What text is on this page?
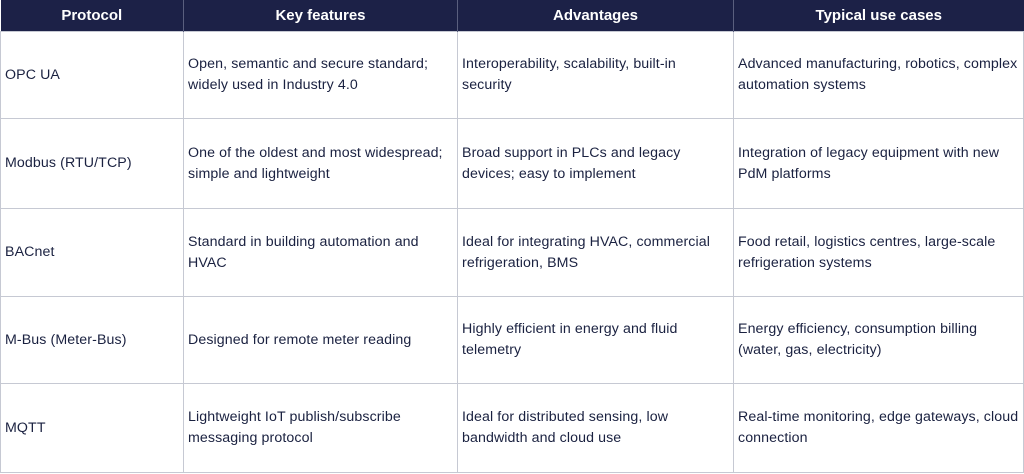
Protocol	Key features	Advantages	Typical use cases
OPC UA	Open, semantic and secure standard; widely used in Industry 4.0	Interoperability, scalability, built-in security	Advanced manufacturing, robotics, complex automation systems
Modbus (RTU/TCP)	One of the oldest and most widespread; simple and lightweight	Broad support in PLCs and legacy devices; easy to implement	Integration of legacy equipment with new PdM platforms
BACnet	Standard in building automation and HVAC	Ideal for integrating HVAC, commercial refrigeration, BMS	Food retail, logistics centres, large-scale refrigeration systems
M-Bus (Meter-Bus)	Designed for remote meter reading	Highly efficient in energy and fluid telemetry	Energy efficiency, consumption billing (water, gas, electricity)
MQTT	Lightweight IoT publish/subscribe messaging protocol	Ideal for distributed sensing, low bandwidth and cloud use	Real-time monitoring, edge gateways, cloud connection
